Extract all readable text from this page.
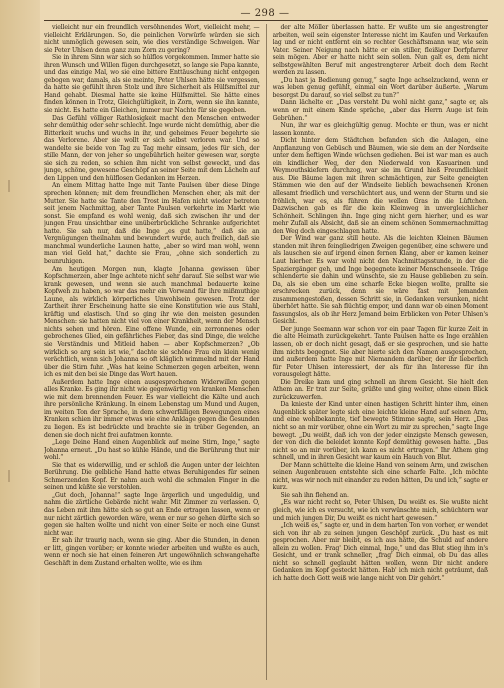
— 298 —

vielleicht nur ein freundlich versöhnendes Wort, vielleicht mehr, — vielleicht Erklärungen. So, die peinlichen Vorwürfe würden sie sich nicht unmöglich gewesen sein, wie dies verständige Schweigen. War sie Peter Uhlsen denn ganz zum Zorn zu gering?

Sie in ihrem Sinn war sich so hülflos vorgekommen. Immer hatte sie ihren Wunsch und Willen fügen durchgesetzt, so lange sie Papa kannte, und das einzige Mal, wo sie eine bittere Enttäuschung nicht entgegen gebogen war, damals, als sie meinte, Peter Uhlsen hätte sie vergessen, da hatte sie gefühlt ihren Stolz und ihre Sicherheit als Hülfsmittel zur Hand gehabt. Diesmal hatte sie keine Hülfsmittel. Sie hätte eines finden können in Trotz, Gleichgültigkeit, in Zorn, wenn sie ihn kannte, sie nicht. Es hatte ein Gleichen, immer nur Nachte für sie gegeben.

Das Gefühl völliger Rathlosigkeit macht den Menschen entweder sehr demüthig oder sehr schlecht. Inge wurde nicht demüthig, aber die Bitterkeit wuchs und wuchs in ihr, und geheimes Feuer begehrte sie das Verlorene. Aber sie wollt er sich selbst verloren war. Und so wandelte sie beide von Tag zu Tag mehr einsam, jedes für sich, der stille Mann, der von jeher so ungebührlich heiter gewesen war, sorgte sie sich zu reden, so schien ihm nicht von selbst geweckt, und das junge, schöne, gewesene Geschöpf an seiner Seite mit dem Lächeln auf den Lippen und den hülflosen Gedanken im Herzen.

An einem Mittag hatte Inge mit Tante Paulsen über diese Dinge sprechen können; mit dem freundlichen Menschen eher, als mit der Mutter. Sie hatte sie Tante den Trost im Hafen nicht wieder betreten seit jenem Nachmittag, aber Tante Paulsen verkehrte im Markt wie sonst. Sie empfand es wohl wenig, daß sich zwischen ihr und der jungen Frau unsichtbar eine unüberbrückliche Schranke aufgerichtet hatte. Sie sah nur, daß die Inge „es gut hatte,“ daß sie an Vergnügungen theilnahm und bewundert wurde, auch freilich, daß sie manchmal wunderliche Launen hatte, „aber so wird man wohl, wenn man viel Geld hat,“ dachte sie Frau, „ohne sich sonderlich zu beunruhigen.

Am heutigen Morgen nun, klagte Johanna gewissen über Kopfschmerzen, aber Inge achtete nicht sehr darauf. Sie selbst war wie krank gewesen, und wenn sie auch manchmal bedauerte keine Kopfweh zu haben, so war das mehr ein Vorwand für ihre mißmuthige Laune, als wirklich körperliches Unwohlsein gewesen. Trotz der Zartheit ihrer Erscheinung hatte sie eine Konstitution wie aus Stahl, kräftig und elastisch. Und so ging ihr wie den meisten gesunden Menschen: sie hatten nicht viel von einer Krankheit, wenn der Mensch nichts sehen und hören. Eine offene Wunde, ein zerronnenes oder gebrochenes Glied, ein gefährliches Fieber, das sind Dinge, die welche sie Verständnis und Mitleid haben — aber Kopfschmerzen? „Ob wirklich so arg sein ist wie,“ dachte sie schöne Frau ein klein wenig verächtlich, wenn sich Johanna so oft kläglich wimmelnd mit der Hand über die Stirn fuhr. „Was hat keine Schmerzen gegen arbeiten, wenn ich es mit den bei sie Dinge das Wort hauen.

Außerdem hatte Inge einen ausgesprochenen Widerwillen gegen alles Kranke. Es ging ihr nicht wie gegenwärtig von kranken Menschen wie mit dem brennenden Feuer. Es war vielleicht die Kälte und auch ihre persönliche Kränkung. In einem Lebenstag um Mund und Augen, im weiten Ton der Sprache, in dem schwerfälligen Bewegungen eines Kranken schien ihr immer etwas wie eine Anklage gegen die Gesunden zu liegen. Es ist bedrückte und brachte sie in trüber Gegenden, an denen sie doch nicht frei aufatmen konnte.

„Lege Deine Hand einen Augenblick auf meine Stirn, Inge,“ sagte Johanna erneut. „Du hast so kühle Hände, und die Berührung thut mir wohl.“

Sie that es widerwillig, und er schloß die Augen unter der leichten Berührung. Die gelbliche Hand hatte etwas Beruhigendes für seinen Schmerzenden Kopf. Er nahm auch wohl die schmalen Finger in die seinen und küßte sie verstohlen.

„Gut doch, Johanna!“ sagte Inge ärgerlich und ungeduldig, und nahm die zärtliche Gebärde nicht wahr. Mit Zimmer zu verlassen. O, das Leben mit ihm hätte sich so gut an Ende ertragen lassen, wenn er nur nicht zärtlich geworden wäre, wenn er nur so gehen dürfte sich so gegen sie halten wollte und nicht von einer Seite er noch eine Gunst nicht war.

Er sah ihr traurig nach, wenn sie ging. Aber die Stunden, in denen er litt, gingen vorüber; er konnte wieder arbeiten und wußte es auch, wenn er noch sie hat einen feineren Art ungewöhnlich schwangehafte Geschäft in dem Zustand erhalten wollte, wie es ihm

der alte Möller überlassen hatte. Er wußte um sie angestrengter arbeiten, weil sein eigenster Interesse nicht im Kaufen und Verkaufen lag und er nicht entfernt ein so rechter Geschäftsmann war, wie sein Vater. Seiner Neigung nach hätte er ein stiller, fleißiger Dorfpfarrer sein mögen. Aber er hatte nicht sein sollen. Nun galt es, dem nicht selbstgewählten Beruf mit angestrengterer Arbeit doch dem Recht werden zu lassen.

„Du hast ja Bedienung genug,“ sagte Inge achselzuckend, wenn er was leben genug gefühlt, einmal ein Wort darüber äußerte. „Warum besorgst Du darauf, so viel selbst zu tun?“

Dann lächelte er. „Das versteht Du wohl nicht ganz,“ sagte er, als wenn er mit einem Kinde spräche, „aber das Herrn Auge ist fein Gebrühen.“

Nun, ihr war es gleichgültig genug. Mochte er thun, was er nicht lassen konnte.

Dicht hinter dem Städtchen befanden sich die Anlagen, eine Anpflanzung von Gebüsch und Bäumen, wie sie dem an der Nordseite unter dem heftigen Winde wüchsen gediehen. Bei ist war man es auch ein kindlicher Weg, der den Niederwald von Kasuarinen und Weymouthskiefern durchzog, war sie im Grund hieß Freundlichkeit aus. Die Bäume lagen mit ihren schmächtigen, zur Seite geneigten Stämmen wie den auf der Windseite lieblich bewachsenen Kronen allesamt friedlich und verschüchtert aus, und wenn der Sturm und sie fröhlich, war es, als führen die wellen Gras in die Lüftchen. Dazwischen gab es für die kein Kleinweg in unvergleichlicher Schönheit. Schlingen ihn. Inge ging nicht gern hierher, und es war mehr Zufall als Absicht, daß sie an einem schönen Sommernachmittag den Weg doch eingeschlagen hatte.

Der Wind war ganz still heute. Als die leichten Kleinen Bäumen standen mit ihren feingliedrigen Zweigen gegenüber, eine schwere und als lauschen sie auf irgend einen fernen Klang, aber er kamen keiner Laut hierher. Es war wohl nicht den Nachmittagsstunde, in der die Spaziergänger geh, und Inge begegnete keiner Menschenseele. Träge schlenderte sie dahin und wünschte, sie zu Hause geblieben zu sein. Da, als sie eben um eine scharfe Ecke biegen wollte, prallte sie erschrecken zurück, denn sie wäre fast mit Jemanden zusammengestoßen, dessen Schritt sie, in Gedanken versunken, nicht überhört hatte. Sie sah flüchtig empor, und dann war ob einen Moment fassungslos, als ob ihr Herz Jemand beim Erblicken von Peter Uhlsen's Gesicht.

Der junge Seemann war schon vor ein paar Tagen für kurze Zeit in die alte Heimath zurückgekehrt. Tante Paulsen hatte es Inge erzählen lassen, ob er doch nicht gesagt, daß er sie gesprochen, und sie hatte ihm nichts begegnet. Sie aber hierte sich den Namen ausgesprochen, und außerdem hatte Inge mit Niemandem darüber, der ihr lieberlich für Peter Uhlsen interessiert, der als für ihn Interesse für ihn vorausgelegt hätte.

Die Dreike kam und ging schnell an ihrem Gesicht. Sie hielt den Athem an. Er trat zur Seite, grüßte und ging weiter, ohne einen Blick zurückzuwerfen.

Da knieste der Kind unter einen hastigen Schritt hinter ihm, einen Augenblick später legte sich eine leichte kleine Hand auf seinen Arm, und eine wohlbekannte, tief bewegte Stimme sagte, sein Herz. „Das nicht so an mir vorüber, ohne ein Wort zu mir zu sprechen,“ sagte Inge bewegt. „Du weißt, daß ich von der jeder einzigste Mensch gewesen, der von dich die beleidet konnte Kopf demüthig gewesen hatte. „Das nicht so an mir vorüber, ich kann es nicht ertragen.“ Ihr Athem ging schnell, und in ihren Gesicht war kaum ein Hauch von Blut.

Der Mann schüttelte die kleine Hand von seinem Arm, und zwischen seinen Augenbrauen entstehte sich eine scharfe Falte. „Ich möchte nicht, was wir noch mit einander zu reden hätten, Du und ich,“ sagte er kurz.

Sie sah ihn flehend an.

„Es war nicht recht so, Peter Uhlsen, Du weißt es. Sie wußte nicht gleich, wie ich es versucht, wie ich verwünschte mich, schüchtern war und mich jungen Dir, Du weißt es nicht hart gewesen.“

„Ich weiß es,“ sagte er, und in dem harten Ton von vorher, er wendet sich von ihr ab zu seinen jungen Geschöpf zurück. „Du hast es mit gesprochen. Aber mir bleibt, es ich aus hätte, die Schuld auf andere allein zu wollen. Frag' Dich einmal, Inge,“ und das Blut stieg ihm in's Gesicht, und er trank schneller, „frag' Dich einmal, ob Du das alles nicht so schnell geglaubt hätten wollen, wenn Dir nicht andere Gedanken im Kopf gesteckt hätten. Hab' ich mich nicht geträumt, daß ich hatte doch Gott weiß wie lange nicht von Dir gehört.“
